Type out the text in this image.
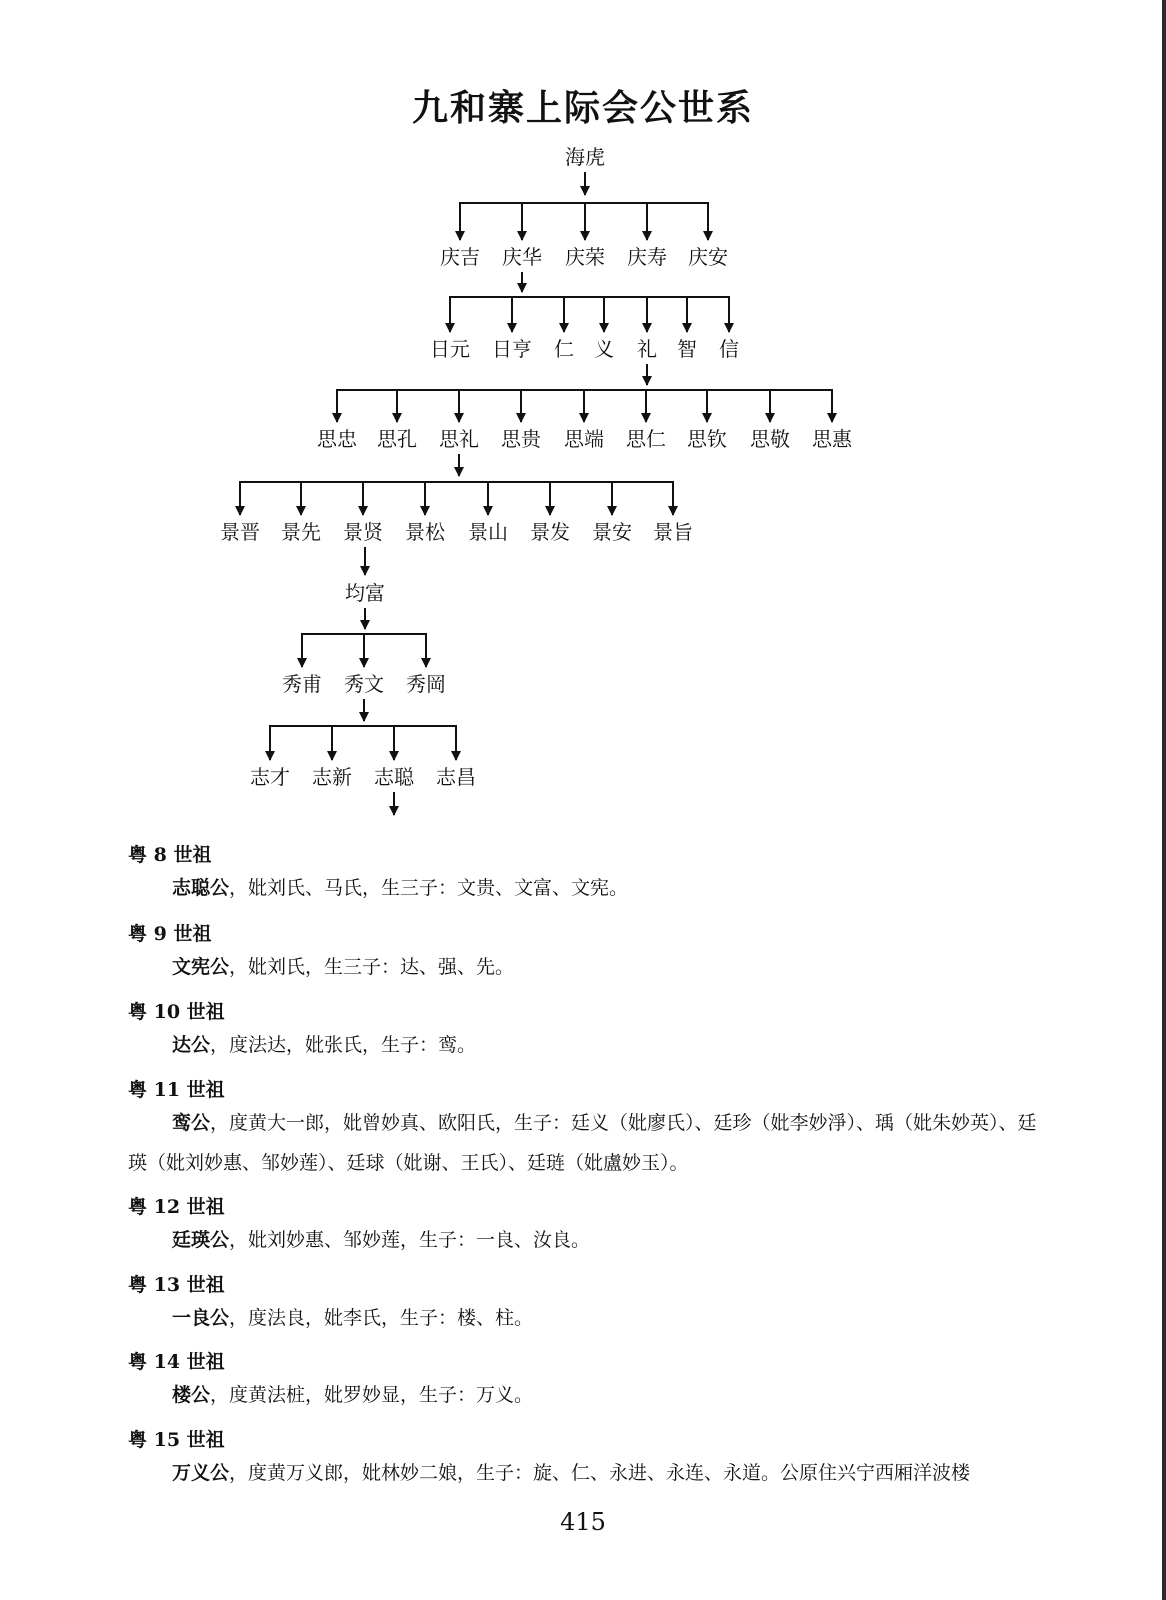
九和寨上际会公世系
海虎
庆吉 庆华 庆荣 庆寿 庆安
日元 日亨 仁 义 礼 智 信
思忠 思孔 思礼 思贵 思端 思仁 思钦 思敬 思惠
景晋 景先 景贤 景松 景山 景发 景安 景旨
均富
秀甫 秀文 秀岡
志才 志新 志聪 志昌
粤 8 世祖
志聪公，妣刘氏、马氏，生三子：文贵、文富、文宪。
粤 9 世祖
文宪公，妣刘氏，生三子：达、强、先。
粤 10 世祖
达公，度法达，妣张氏，生子：鸾。
粤 11 世祖
鸾公，度黄大一郎，妣曾妙真、欧阳氏，生子：廷义（妣廖氏）、廷珍（妣李妙淨）、瑀（妣朱妙英）、廷瑛（妣刘妙惠、邹妙莲）、廷球（妣谢、王氏）、廷琏（妣盧妙玉）。
粤 12 世祖
廷瑛公，妣刘妙惠、邹妙莲，生子：一良、汝良。
粤 13 世祖
一良公，度法良，妣李氏，生子：楼、柱。
粤 14 世祖
楼公，度黄法桩，妣罗妙显，生子：万义。
粤 15 世祖
万义公，度黄万义郎，妣林妙二娘，生子：旋、仁、永进、永连、永道。公原住兴宁西厢洋波楼
415
